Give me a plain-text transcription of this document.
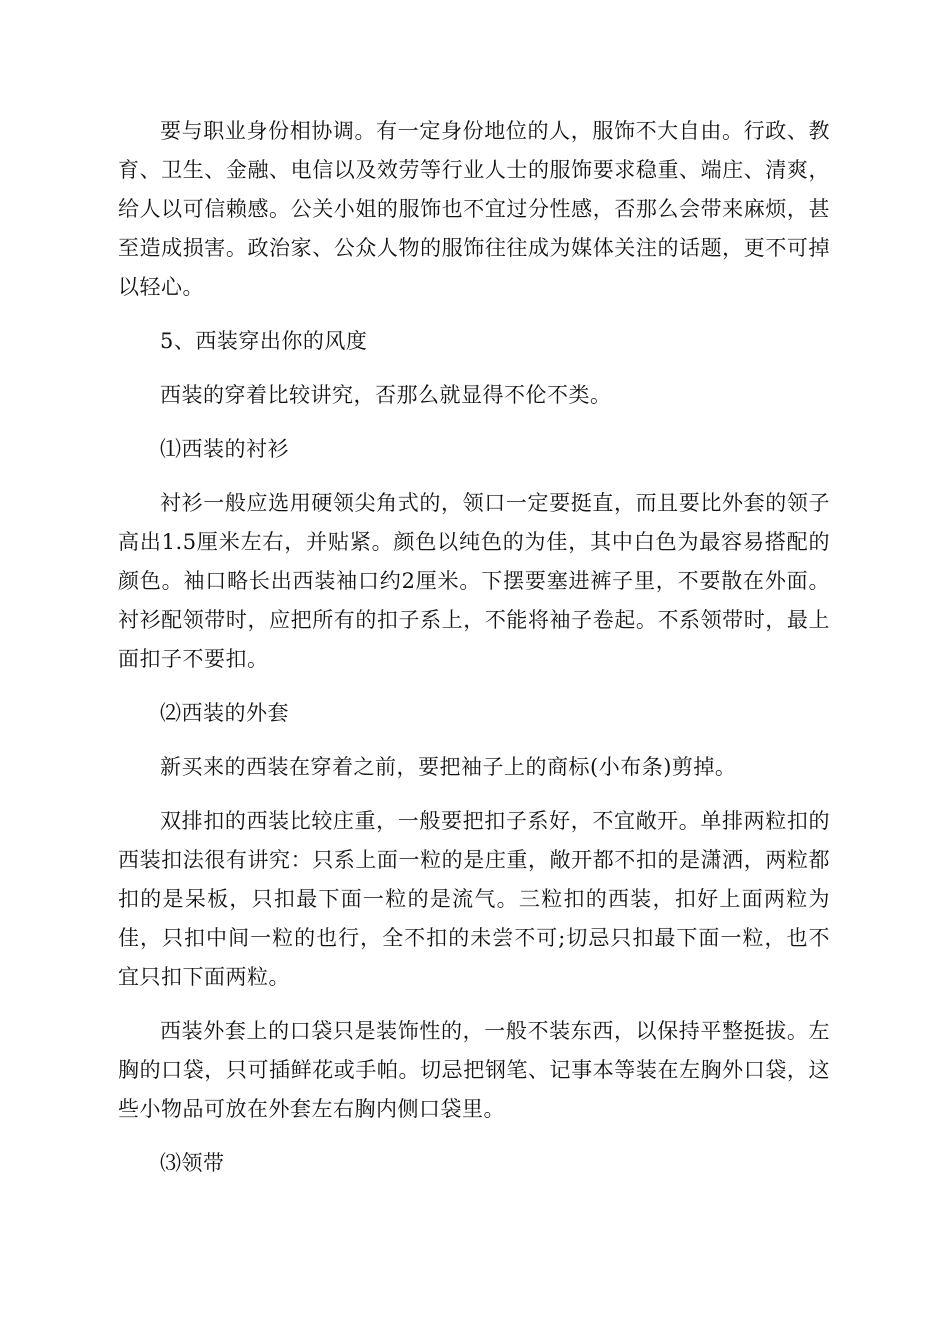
要与职业身份相协调。有一定身份地位的人，服饰不大自由。行政、教育、卫生、金融、电信以及效劳等行业人士的服饰要求稳重、端庄、清爽，给人以可信赖感。公关小姐的服饰也不宜过分性感，否那么会带来麻烦，甚至造成损害。政治家、公众人物的服饰往往成为媒体关注的话题，更不可掉以轻心。

5、西装穿出你的风度

西装的穿着比较讲究，否那么就显得不伦不类。

⑴西装的衬衫

衬衫一般应选用硬领尖角式的，领口一定要挺直，而且要比外套的领子高出1.5厘米左右，并贴紧。颜色以纯色的为佳，其中白色为最容易搭配的颜色。袖口略长出西装袖口约2厘米。下摆要塞进裤子里，不要散在外面。衬衫配领带时，应把所有的扣子系上，不能将袖子卷起。不系领带时，最上面扣子不要扣。

⑵西装的外套

新买来的西装在穿着之前，要把袖子上的商标(小布条)剪掉。

双排扣的西装比较庄重，一般要把扣子系好，不宜敞开。单排两粒扣的西装扣法很有讲究：只系上面一粒的是庄重，敞开都不扣的是潇洒，两粒都扣的是呆板，只扣最下面一粒的是流气。三粒扣的西装，扣好上面两粒为佳，只扣中间一粒的也行，全不扣的未尝不可;切忌只扣最下面一粒，也不宜只扣下面两粒。

西装外套上的口袋只是装饰性的，一般不装东西，以保持平整挺拔。左胸的口袋，只可插鲜花或手帕。切忌把钢笔、记事本等装在左胸外口袋，这些小物品可放在外套左右胸内侧口袋里。

⑶领带
